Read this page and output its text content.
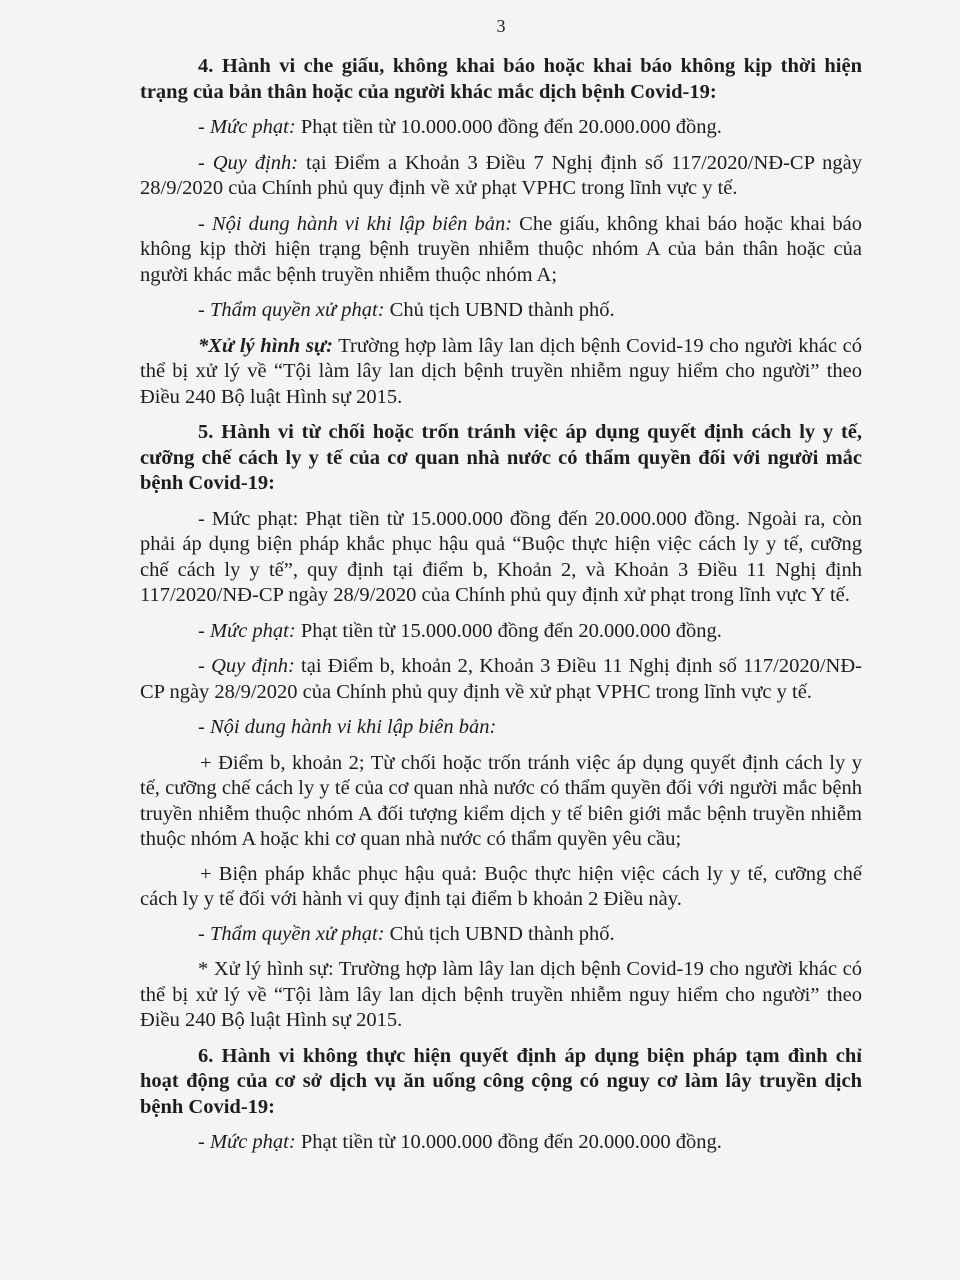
3

4. Hành vi che giấu, không khai báo hoặc khai báo không kịp thời hiện trạng của bản thân hoặc của người khác mắc dịch bệnh Covid-19:

- Mức phạt: Phạt tiền từ 10.000.000 đồng đến 20.000.000 đồng.

- Quy định: tại Điểm a Khoản 3 Điều 7 Nghị định số 117/2020/NĐ-CP ngày 28/9/2020 của Chính phủ quy định về xử phạt VPHC trong lĩnh vực y tế.

- Nội dung hành vi khi lập biên bản: Che giấu, không khai báo hoặc khai báo không kịp thời hiện trạng bệnh truyền nhiễm thuộc nhóm A của bản thân hoặc của người khác mắc bệnh truyền nhiễm thuộc nhóm A;

- Thẩm quyền xử phạt: Chủ tịch UBND thành phố.

*Xử lý hình sự: Trường hợp làm lây lan dịch bệnh Covid-19 cho người khác có thể bị xử lý về “Tội làm lây lan dịch bệnh truyền nhiễm nguy hiểm cho người” theo Điều 240 Bộ luật Hình sự 2015.

5. Hành vi từ chối hoặc trốn tránh việc áp dụng quyết định cách ly y tế, cưỡng chế cách ly y tế của cơ quan nhà nước có thẩm quyền đối với người mắc bệnh Covid-19:

- Mức phạt: Phạt tiền từ 15.000.000 đồng đến 20.000.000 đồng. Ngoài ra, còn phải áp dụng biện pháp khắc phục hậu quả “Buộc thực hiện việc cách ly y tế, cưỡng chế cách ly y tế”, quy định tại điểm b, Khoản 2, và Khoản 3 Điều 11 Nghị định 117/2020/NĐ-CP ngày 28/9/2020 của Chính phủ quy định xử phạt trong lĩnh vực Y tế.

- Mức phạt: Phạt tiền từ 15.000.000 đồng đến 20.000.000 đồng.

- Quy định: tại Điểm b, khoản 2, Khoản 3 Điều 11 Nghị định số 117/2020/NĐ-CP ngày 28/9/2020 của Chính phủ quy định về xử phạt VPHC trong lĩnh vực y tế.

- Nội dung hành vi khi lập biên bản:

+ Điểm b, khoản 2; Từ chối hoặc trốn tránh việc áp dụng quyết định cách ly y tế, cưỡng chế cách ly y tế của cơ quan nhà nước có thẩm quyền đối với người mắc bệnh truyền nhiễm thuộc nhóm A đối tượng kiểm dịch y tế biên giới mắc bệnh truyền nhiễm thuộc nhóm A hoặc khi cơ quan nhà nước có thẩm quyền yêu cầu;

+ Biện pháp khắc phục hậu quả: Buộc thực hiện việc cách ly y tế, cưỡng chế cách ly y tế đối với hành vi quy định tại điểm b khoản 2 Điều này.

- Thẩm quyền xử phạt: Chủ tịch UBND thành phố.

* Xử lý hình sự: Trường hợp làm lây lan dịch bệnh Covid-19 cho người khác có thể bị xử lý về “Tội làm lây lan dịch bệnh truyền nhiễm nguy hiểm cho người” theo Điều 240 Bộ luật Hình sự 2015.

6. Hành vi không thực hiện quyết định áp dụng biện pháp tạm đình chỉ hoạt động của cơ sở dịch vụ ăn uống công cộng có nguy cơ làm lây truyền dịch bệnh Covid-19:

- Mức phạt: Phạt tiền từ 10.000.000 đồng đến 20.000.000 đồng.
